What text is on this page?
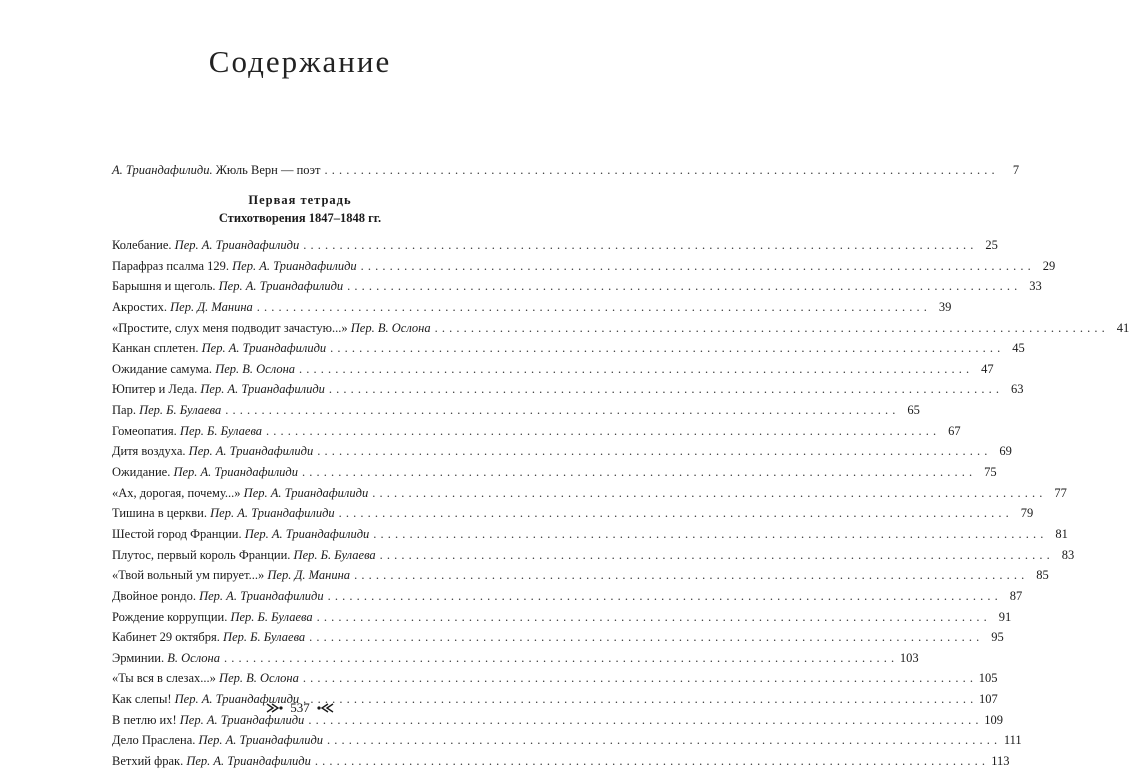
Содержание
А. Триандафилиди. Жюль Верн — поэт . . .	7
Первая тетрадь
Стихотворения 1847–1848 гг.
Колебание. Пер. А. Триандафилиди . . .	25
Парафраз псалма 129. Пер. А. Триандафилиди . . .	29
Барышня и щеголь. Пер. А. Триандафилиди . . .	33
Акростих. Пер. Д. Манина . . .	39
«Простите, слух меня подводит зачастую...» Пер. В. Ослона . . .	41
Канкан сплетен. Пер. А. Триандафилиди . . .	45
Ожидание самума. Пер. В. Ослона . . .	47
Юпитер и Леда. Пер. А. Триандафилиди . . .	63
Пар. Пер. Б. Булаева . . .	65
Гомеопатия. Пер. Б. Булаева . . .	67
Дитя воздуха. Пер. А. Триандафилиди . . .	69
Ожидание. Пер. А. Триандафилиди . . .	75
«Ах, дорогая, почему...» Пер. А. Триандафилиди . . .	77
Тишина в церкви. Пер. А. Триандафилиди . . .	79
Шестой город Франции. Пер. А. Триандафилиди . . .	81
Плутос, первый король Франции. Пер. Б. Булаева . . .	83
«Твой вольный ум пирует...» Пер. Д. Манина . . .	85
Двойное рондо. Пер. А. Триандафилиди . . .	87
Рождение коррупции. Пер. Б. Булаева . . .	91
Кабинет 29 октября. Пер. Б. Булаева . . .	95
Эрминии. В. Ослона . . .	103
«Ты вся в слезах...» Пер. В. Ослона . . .	105
Как слепы! Пер. А. Триандафилиди . . .	107
В петлю их! Пер. А. Триандафилиди . . .	109
Дело Праслена. Пер. А. Триандафилиди . . .	111
Ветхий фрак. Пер. А. Триандафилиди . . .	113
537
